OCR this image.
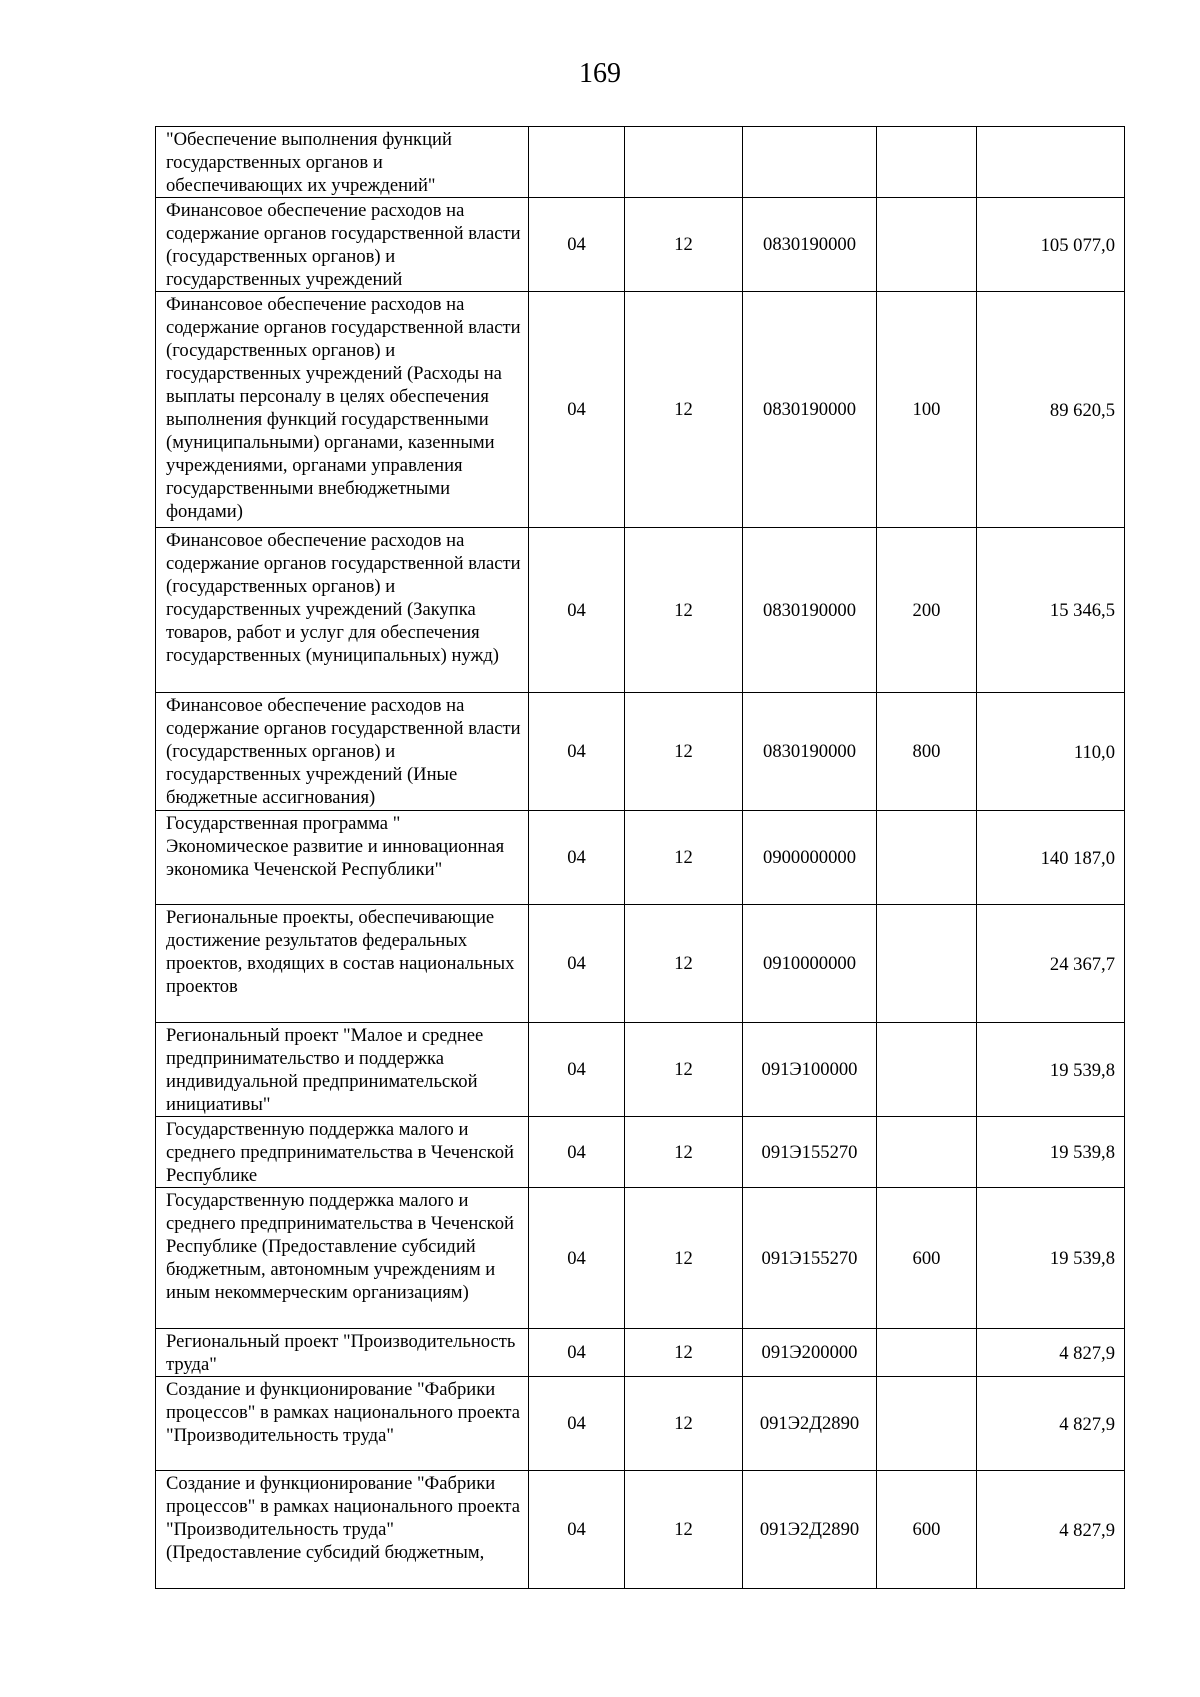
169
"Обеспечение выполнения функций государственных органов и обеспечивающих их учреждений"					

Финансовое обеспечение расходов на содержание органов государственной власти (государственных органов) и государственных учреждений	04	12	0830190000		105 077,0

Финансовое обеспечение расходов на содержание органов государственной власти (государственных органов) и государственных учреждений (Расходы на выплаты персоналу в целях обеспечения выполнения функций государственными (муниципальными) органами, казенными учреждениями, органами управления государственными внебюджетными фондами)	04	12	0830190000	100	89 620,5

Финансовое обеспечение расходов на содержание органов государственной власти (государственных органов) и государственных учреждений (Закупка товаров, работ и услуг для обеспечения государственных (муниципальных) нужд)	04	12	0830190000	200	15 346,5

Финансовое обеспечение расходов на содержание органов государственной власти (государственных органов) и государственных учреждений (Иные бюджетные ассигнования)	04	12	0830190000	800	110,0

Государственная программа " Экономическое развитие и инновационная экономика Чеченской Республики"	04	12	0900000000		140 187,0

Региональные проекты, обеспечивающие достижение результатов федеральных проектов, входящих в состав национальных проектов	04	12	0910000000		24 367,7

Региональный проект "Малое и среднее предпринимательство и поддержка индивидуальной предпринимательской инициативы"	04	12	091Э100000		19 539,8

Государственную поддержка малого и среднего предпринимательства в Чеченской Республике	04	12	091Э155270		19 539,8

Государственную поддержка малого и среднего предпринимательства в Чеченской Республике (Предоставление субсидий бюджетным, автономным учреждениям и иным некоммерческим организациям)	04	12	091Э155270	600	19 539,8

Региональный проект "Производительность труда"	04	12	091Э200000		4 827,9

Создание и функционирование "Фабрики процессов" в рамках национального проекта "Производительность труда"	04	12	091Э2Д2890		4 827,9

Создание и функционирование "Фабрики процессов" в рамках национального проекта "Производительность труда" (Предоставление субсидий бюджетным,	04	12	091Э2Д2890	600	4 827,9
